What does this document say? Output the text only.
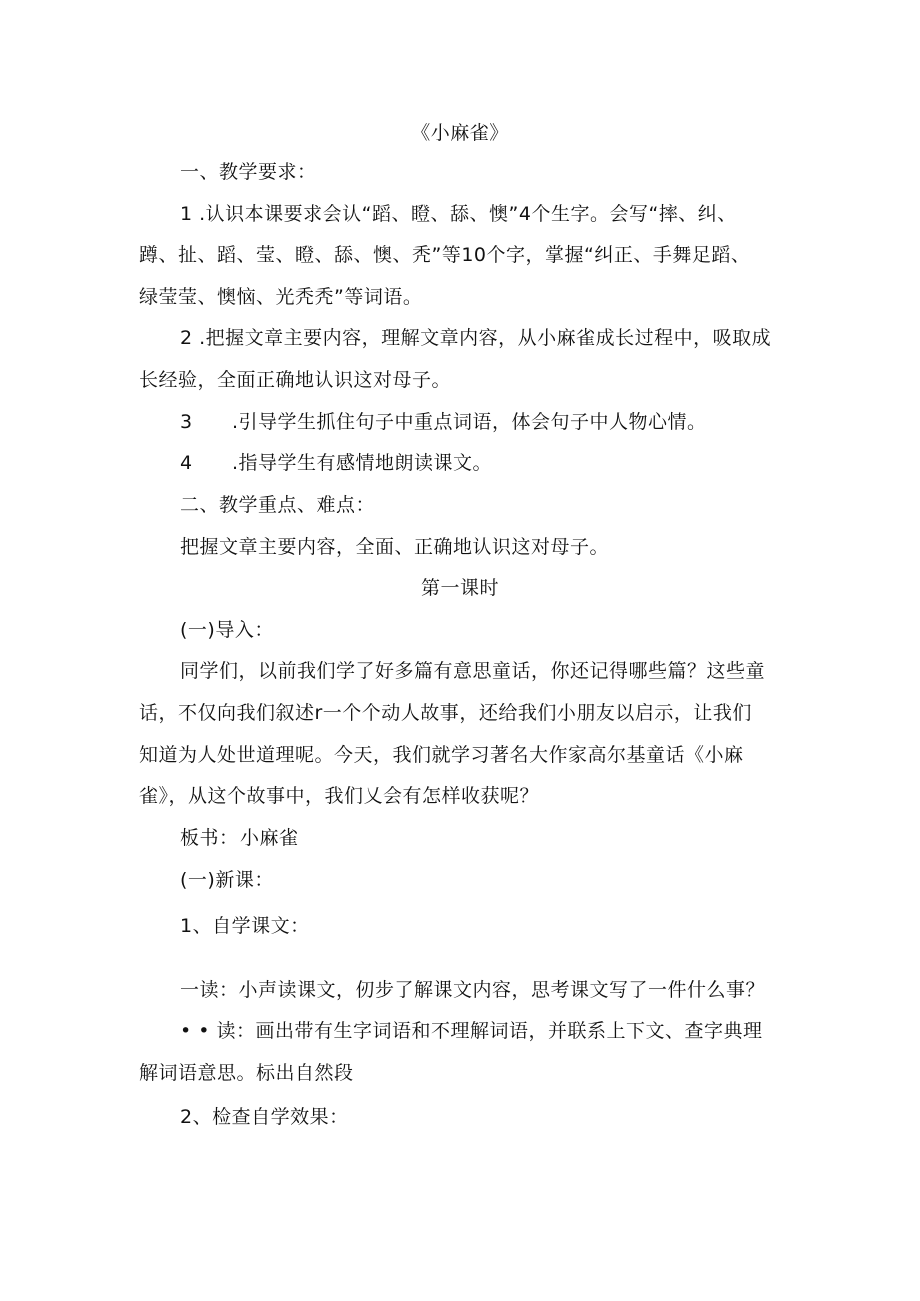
《小麻雀》
一、教学要求：
1 .认识本课要求会认“蹈、瞪、舔、懊”4个生字。会写“摔、纠、
蹲、扯、蹈、莹、瞪、舔、懊、秃”等10个字，掌握“纠正、手舞足蹈、
绿莹莹、懊恼、光秃秃”等词语。
2 .把握文章主要内容，理解文章内容，从小麻雀成长过程中，吸取成
长经验，全面正确地认识这对母子。
3 .引导学生抓住句子中重点词语，体会句子中人物心情。
4 .指导学生有感情地朗读课文。
二、教学重点、难点：
把握文章主要内容，全面、正确地认识这对母子。
第一课时
(一)导入：
同学们，以前我们学了好多篇有意思童话，你还记得哪些篇？这些童
话，不仅向我们叙述r一个个动人故事，还给我们小朋友以启示，让我们
知道为人处世道理呢。今天，我们就学习著名大作家高尔基童话《小麻
雀》，从这个故事中，我们乂会有怎样收获呢？
板书： 小麻雀
(一)新课：
1、自学课文：
一读：小声读课文，仞步了解课文内容，思考课文写了一件什么事？
• • 读：画出带有生字词语和不理解词语，并联系上下文、查字典理
解词语意思。标出自然段
2、检查自学效果：
